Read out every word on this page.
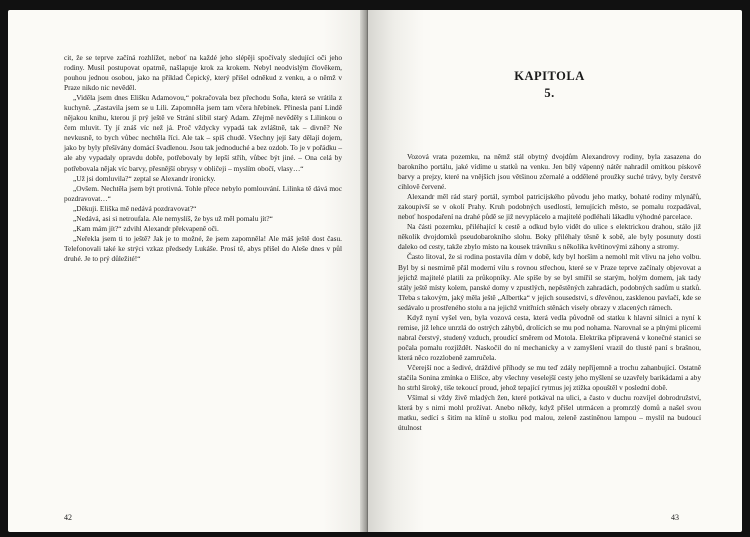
cit, že se teprve začíná rozhlížet, neboť na každé jeho slépěji spočívaly sledující oči jeho rodiny. Musil postupovat opatrně, našlapuje krok za krokem. Nebyl neodvislým člověkem, pouhou jednou osobou, jako na příklad Čepický, který přišel odněkud z venku, a o němž v Praze nikdo nic nevěděl.

„Viděla jsem dnes Elišku Adamovou,“ pokračovala bez přechodu Soňa, která se vrátila z kuchyně. „Zastavila jsem se u Lili. Zapomněla jsem tam včera hřebínek. Přinesla paní Lindě nějakou knihu, kterou jí prý ještě ve Strání slíbil starý Adam. Zřejmě nevěděly s Lilinkou o čem mluvit. Ty jí znáš víc než já. Proč vždycky vypadá tak zvláštně, tak – divně? Ne nevkusně, to bych vůbec nechtěla říci. Ale tak – spíš chudě. Všechny její šaty dělají dojem, jako by byly přešívány domácí švadlenou. Jsou tak jednoduché a bez ozdob. To je v pořádku – ale aby vypadaly opravdu dobře, potřebovaly by lepší střih, vůbec být jiné. – Ona celá by potřebovala nějak víc barvy, přesnější obrysy v obličeji – myslím obočí, vlasy…“

„Už jsi domluvila?“ zeptal se Alexandr ironicky.

„Ovšem. Nechtěla jsem být protivná. Tohle přece nebylo pomlouvání. Lilinka tě dává moc pozdravovat…“

„Děkuji. Eliška mě nedává pozdravovat?“

„Nedává, asi si netroufala. Ale nemyslíš, že bys už měl pomalu jít?“

„Kam mám jít?“ zdvihl Alexandr překvapeně oči.

„Neřekla jsem ti to ještě? Jak je to možné, že jsem zapomněla! Ale máš ještě dost času. Telefonovali také ke strýci vzkaz předsedy Lukáše. Prosí tě, abys přišel do Aleše dnes v půl druhé. Je to prý důležité!“

42
KAPITOLA
5.

Vozová vrata pozemku, na němž stál obytný dvojdům Alexandrovy rodiny, byla zasazena do barokního portálu, jaké vídíme u statků na venku. Jen bílý vápenný nátěr nahradil omítkou pískově barvy a prejzy, které na vnějších jsou většinou zčernalé a oddělené proužky suché trávy, byly čerstvě cihlově červené.

Alexandr měl rád starý portál, symbol patricijského původu jeho matky, bohaté rodiny mlynářů, zakoupivší se v okolí Prahy. Kruh podobných usedlostí, lemujících město, se pomalu rozpadával, neboť hospodaření na drahé půdě se již nevyplácelo a majitelé podléhali lákadlu výhodné parcelace.

Na části pozemku, přiléhající k cestě a odkud bylo vidět do ulice s elektrickou drahou, stálo již několik dvojdomků pseudobarokního slohu. Boky přiléhaly těsně k sobě, ale byly posunuty dosti daleko od cesty, takže zbylo místo na kousek trávníku s několika květinovými záhony a stromy.

Často litoval, že si rodina postavila dům v době, kdy byl horším a nemohl mít vlivu na jeho volbu. Byl by si nesmírně přál moderní vilu s rovnou střechou, které se v Praze teprve začínaly objevovat a jejichž majitelé platili za průkopníky. Ale spíše by se byl smířil se starým, holým domem, jak tady stály ještě místy kolem, panské domy v zpustlých, nepěstěných zahradách, podobných sadům u statků. Třeba s takovým, jaký měla ještě „Albertka“ v jejich sousedství, s dřevěnou, zasklenou pavlačí, kde se sedávalo u prostřeného stolu a na jejichž vnitřních stěnách visely obrazy v zlacených rámech.

Když nyní vyšel ven, byla vozová cesta, která vedla původně od statku k hlavní silnici a nyní k remise, již lehce unrzlá do ostrých záhybů, drolících se mu pod nohama. Narovnal se a plnými plicemi nabral čerstvý, studený vzduch, proudící směrem od Motola. Elektrika připravená v konečné stanici se počala pomalu rozjíždět. Naskočil do ní mechanicky a v zamyšlení vrazil do tlusté paní s brašnou, která něco rozzlobeně zamručela.

Včerejší noc a šedivé, dráždivé příhody se mu teď zdály nepříjemně a trochu zahanbující. Ostatně stačila Sonina zmínka o Elišce, aby všechny veselejší cesty jeho myšlení se uzavřely barikádami a aby ho strhl široký, tiše tekoucí proud, jehož tepající rytmus jej ztížka opouštěl v poslední době.

Všímal si vždy živě mladých žen, které potkával na ulici, a často v duchu rozvíjel dobrodružství, která by s nimi mohl prožívat. Anebo někdy, když přišel utrmácen a promrzlý domů a našel svou matku, sedící s šitím na klíně u stolku pod malou, zeleně zastíněnou lampou – myslil na budoucí útulnost

43
